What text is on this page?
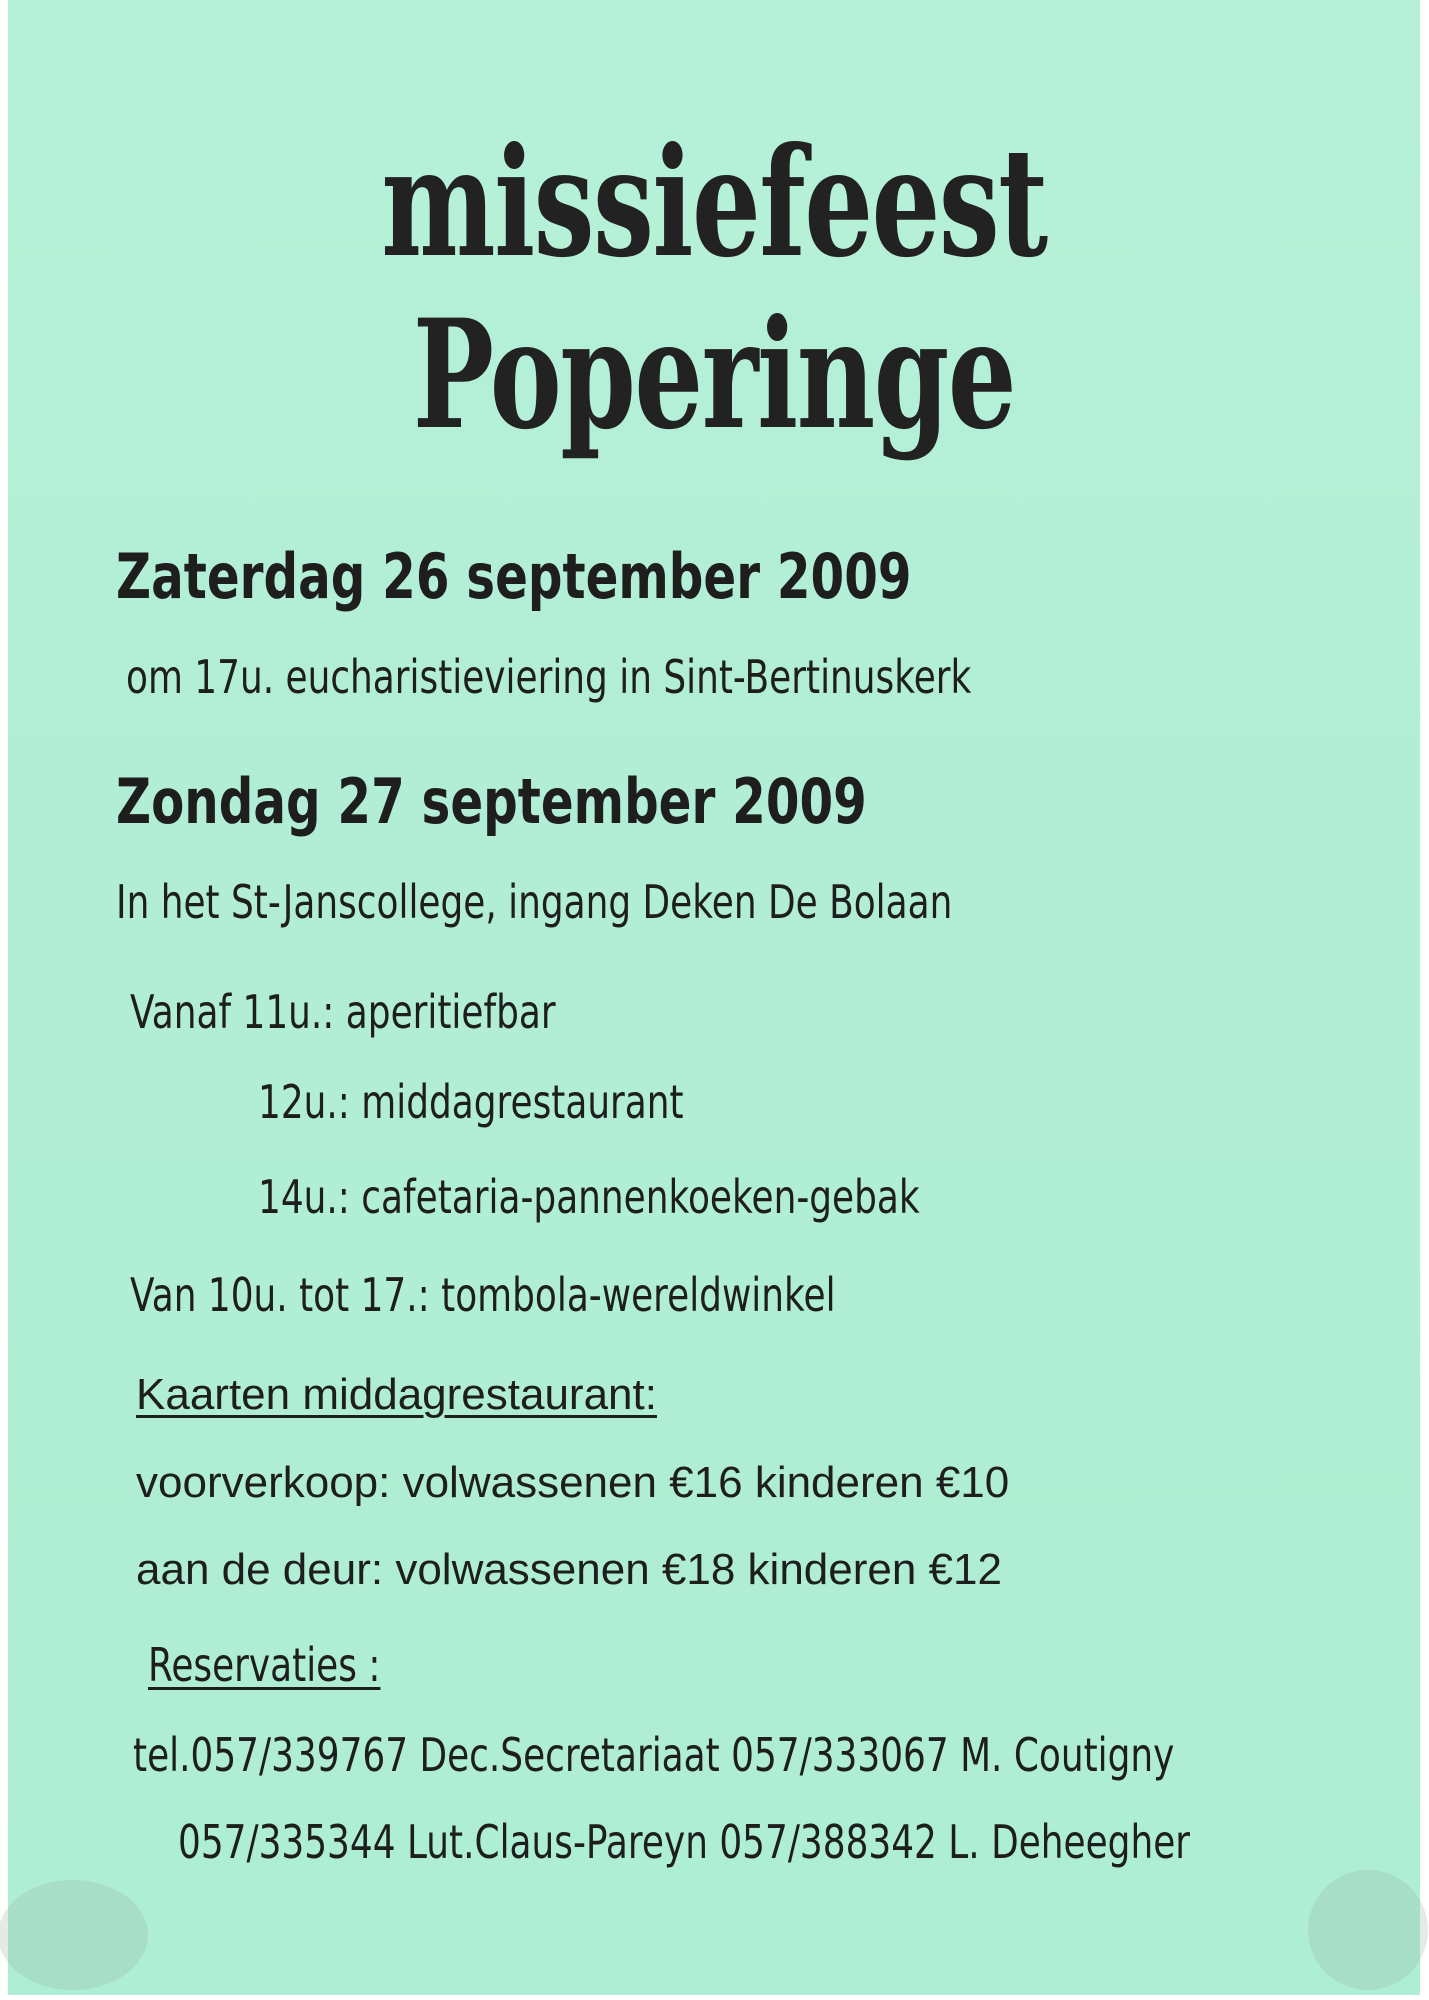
missiefeest
Poperinge
Zaterdag 26 september 2009
om 17u. eucharistieviering in Sint-Bertinuskerk
Zondag 27 september 2009
In het St-Janscollege, ingang Deken De Bolaan
Vanaf 11u.: aperitiefbar
12u.: middagrestaurant
14u.: cafetaria-pannenkoeken-gebak
Van 10u. tot 17.: tombola-wereldwinkel
Kaarten middagrestaurant:
voorverkoop: volwassenen €16 kinderen €10
aan de deur: volwassenen €18 kinderen €12
Reservaties :
tel.057/339767 Dec.Secretariaat 057/333067 M. Coutigny
057/335344 Lut.Claus-Pareyn 057/388342 L. Deheegher
